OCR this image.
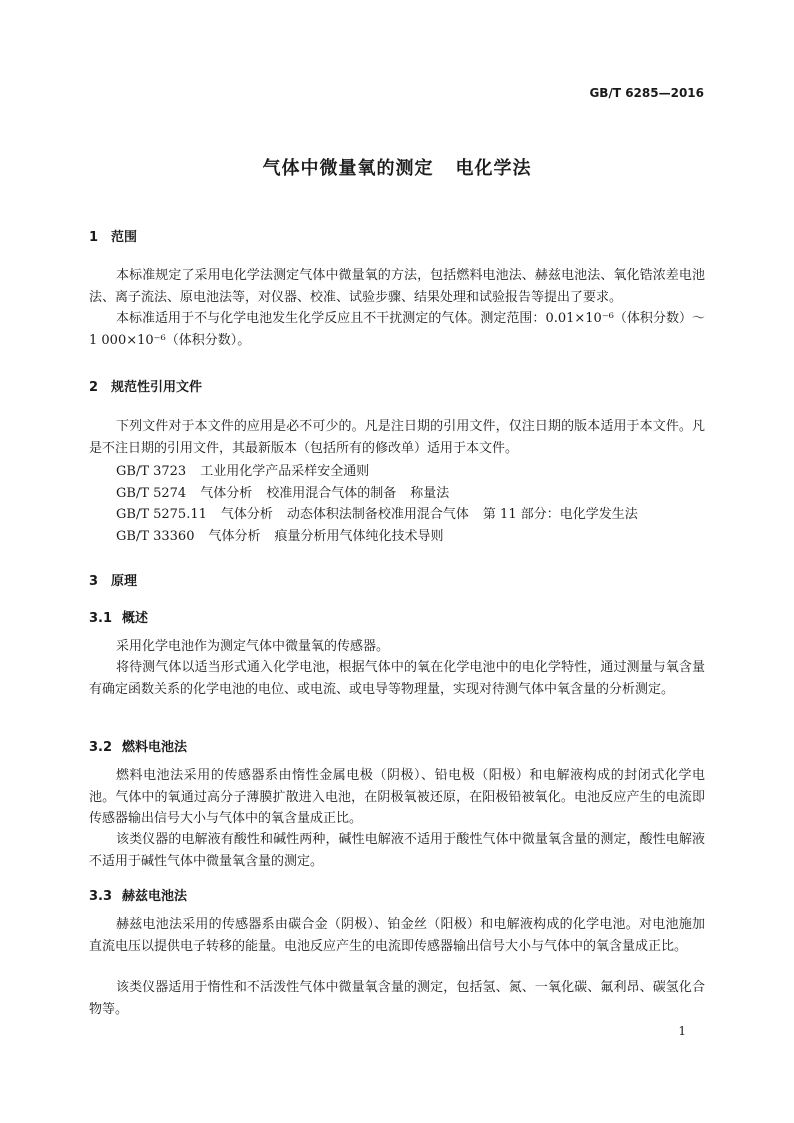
GB/T 6285—2016
气体中微量氧的测定 电化学法
1 范围

本标准规定了采用电化学法测定气体中微量氧的方法，包括燃料电池法、赫兹电池法、氧化锆浓差电池法、离子流法、原电池法等，对仪器、校准、试验步骤、结果处理和试验报告等提出了要求。

本标准适用于不与化学电池发生化学反应且不干扰测定的气体。测定范围：0.01×10⁻⁶（体积分数）～1 000×10⁻⁶（体积分数）。

2 规范性引用文件

下列文件对于本文件的应用是必不可少的。凡是注日期的引用文件，仅注日期的版本适用于本文件。凡是不注日期的引用文件，其最新版本（包括所有的修改单）适用于本文件。

GB/T 3723 工业用化学产品采样安全通则
GB/T 5274 气体分析 校准用混合气体的制备 称量法
GB/T 5275.11 气体分析 动态体积法制备校准用混合气体 第 11 部分：电化学发生法
GB/T 33360 气体分析 痕量分析用气体纯化技术导则
3 原理
3.1 概述

采用化学电池作为测定气体中微量氧的传感器。

将待测气体以适当形式通入化学电池，根据气体中的氧在化学电池中的电化学特性，通过测量与氧含量有确定函数关系的化学电池的电位、或电流、或电导等物理量，实现对待测气体中氧含量的分析测定。

3.2 燃料电池法

燃料电池法采用的传感器系由惰性金属电极（阴极）、铅电极（阳极）和电解液构成的封闭式化学电池。气体中的氧通过高分子薄膜扩散进入电池，在阴极氧被还原，在阳极铅被氧化。电池反应产生的电流即传感器输出信号大小与气体中的氧含量成正比。

该类仪器的电解液有酸性和碱性两种，碱性电解液不适用于酸性气体中微量氧含量的测定，酸性电解液不适用于碱性气体中微量氧含量的测定。

3.3 赫兹电池法

赫兹电池法采用的传感器系由碳合金（阴极）、铂金丝（阳极）和电解液构成的化学电池。对电池施加直流电压以提供电子转移的能量。电池反应产生的电流即传感器输出信号大小与气体中的氧含量成正比。

该类仪器适用于惰性和不活泼性气体中微量氧含量的测定，包括氢、氮、一氧化碳、氟利昂、碳氢化合物等。

1
